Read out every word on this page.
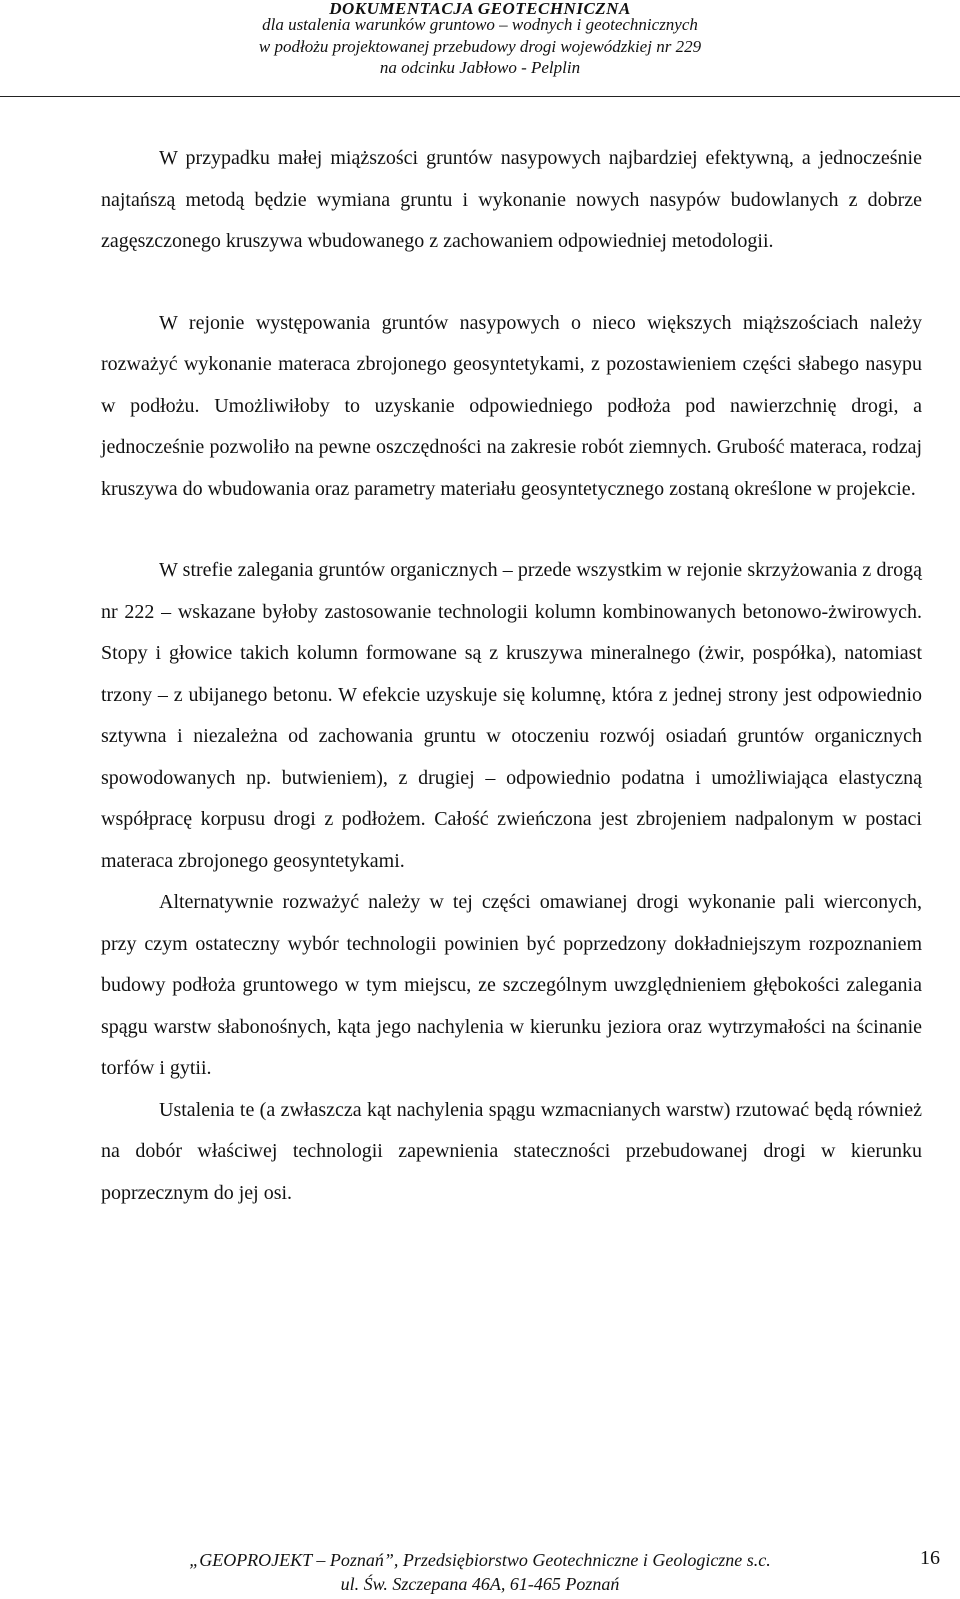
DOKUMENTACJA GEOTECHNICZNA
dla ustalenia warunków gruntowo – wodnych i geotechnicznych
w podłożu projektowanej przebudowy drogi wojewódzkiej nr 229
na odcinku Jabłowo - Pelplin

W przypadku małej miąższości gruntów nasypowych najbardziej efektywną, a jednocześnie najtańszą metodą będzie wymiana gruntu i wykonanie nowych nasypów budowlanych z dobrze zagęszczonego kruszywa wbudowanego z zachowaniem odpowiedniej metodologii.

W rejonie występowania gruntów nasypowych o nieco większych miąższościach należy rozważyć wykonanie materaca zbrojonego geosyntetykami, z pozostawieniem części słabego nasypu w podłożu. Umożliwiłoby to uzyskanie odpowiedniego podłoża pod nawierzchnię drogi, a jednocześnie pozwoliło na pewne oszczędności na zakresie robót ziemnych. Grubość materaca, rodzaj kruszywa do wbudowania oraz parametry materiału geosyntetycznego zostaną określone w projekcie.

W strefie zalegania gruntów organicznych – przede wszystkim w rejonie skrzyżowania z drogą nr 222 – wskazane byłoby zastosowanie technologii kolumn kombinowanych betonowo-żwirowych. Stopy i głowice takich kolumn formowane są z kruszywa mineralnego (żwir, pospółka), natomiast trzony – z ubijanego betonu. W efekcie uzyskuje się kolumnę, która z jednej strony jest odpowiednio sztywna i niezależna od zachowania gruntu w otoczeniu rozwój osiadań gruntów organicznych spowodowanych np. butwieniem), z drugiej – odpowiednio podatna i umożliwiająca elastyczną współpracę korpusu drogi z podłożem. Całość zwieńczona jest zbrojeniem nadpalonym w postaci materaca zbrojonego geosyntetykami.

Alternatywnie rozważyć należy w tej części omawianej drogi wykonanie pali wierconych, przy czym ostateczny wybór technologii powinien być poprzedzony dokładniejszym rozpoznaniem budowy podłoża gruntowego w tym miejscu, ze szczególnym uwzględnieniem głębokości zalegania spągu warstw słabonośnych, kąta jego nachylenia w kierunku jeziora oraz wytrzymałości na ścinanie torfów i gytii.

Ustalenia te (a zwłaszcza kąt nachylenia spągu wzmacnianych warstw) rzutować będą również na dobór właściwej technologii zapewnienia stateczności przebudowanej drogi w kierunku poprzecznym do jej osi.

„GEOPROJEKT – Poznań”, Przedsiębiorstwo Geotechniczne i Geologiczne s.c.
ul. Św. Szczepana 46A, 61-465 Poznań
16
